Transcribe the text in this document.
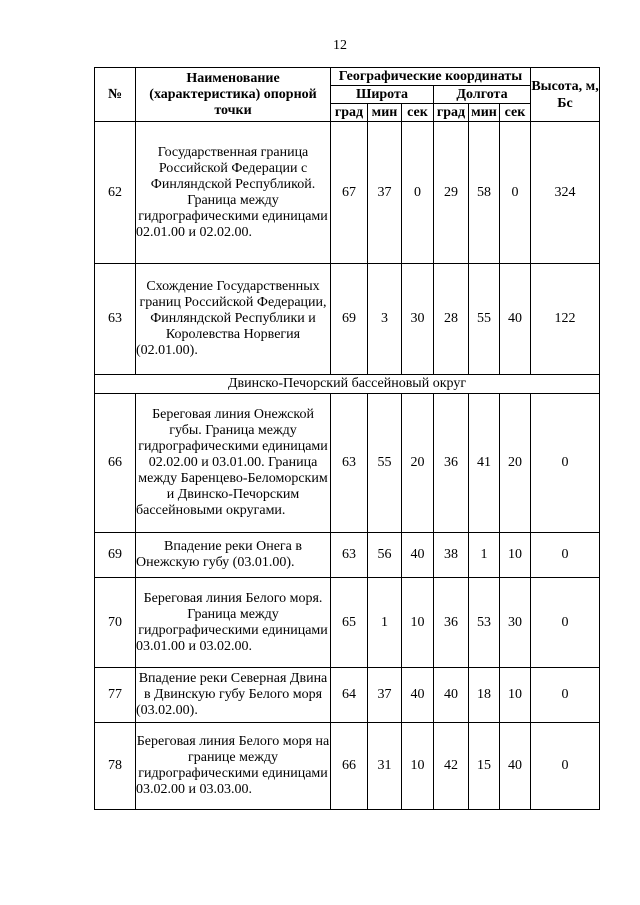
12
№	Наименование (характеристика) опорной точки	Географические координаты						Высота, м, Бс
		Широта			Долгота			
		град	мин	сек	град	мин	сек	
62	Государственная граница Российской Федерации с Финляндской Республикой. Граница между гидрографическими единицами 02.01.00 и 02.02.00.	67	37	0	29	58	0	324
63	Схождение Государственных границ Российской Федерации, Финляндской Республики и Королевства Норвегия (02.01.00).	69	3	30	28	55	40	122
Двинско-Печорский бассейновый округ								
66	Береговая линия Онежской губы. Граница между гидрографическими единицами 02.02.00 и 03.01.00. Граница между Баренцево-Беломорским и Двинско-Печорским бассейновыми округами.	63	55	20	36	41	20	0
69	Впадение реки Онега в Онежскую губу (03.01.00).	63	56	40	38	1	10	0
70	Береговая линия Белого моря. Граница между гидрографическими единицами 03.01.00 и 03.02.00.	65	1	10	36	53	30	0
77	Впадение реки Северная Двина в Двинскую губу Белого моря (03.02.00).	64	37	40	40	18	10	0
78	Береговая линия Белого моря на границе между гидрографическими единицами 03.02.00 и 03.03.00.	66	31	10	42	15	40	0
